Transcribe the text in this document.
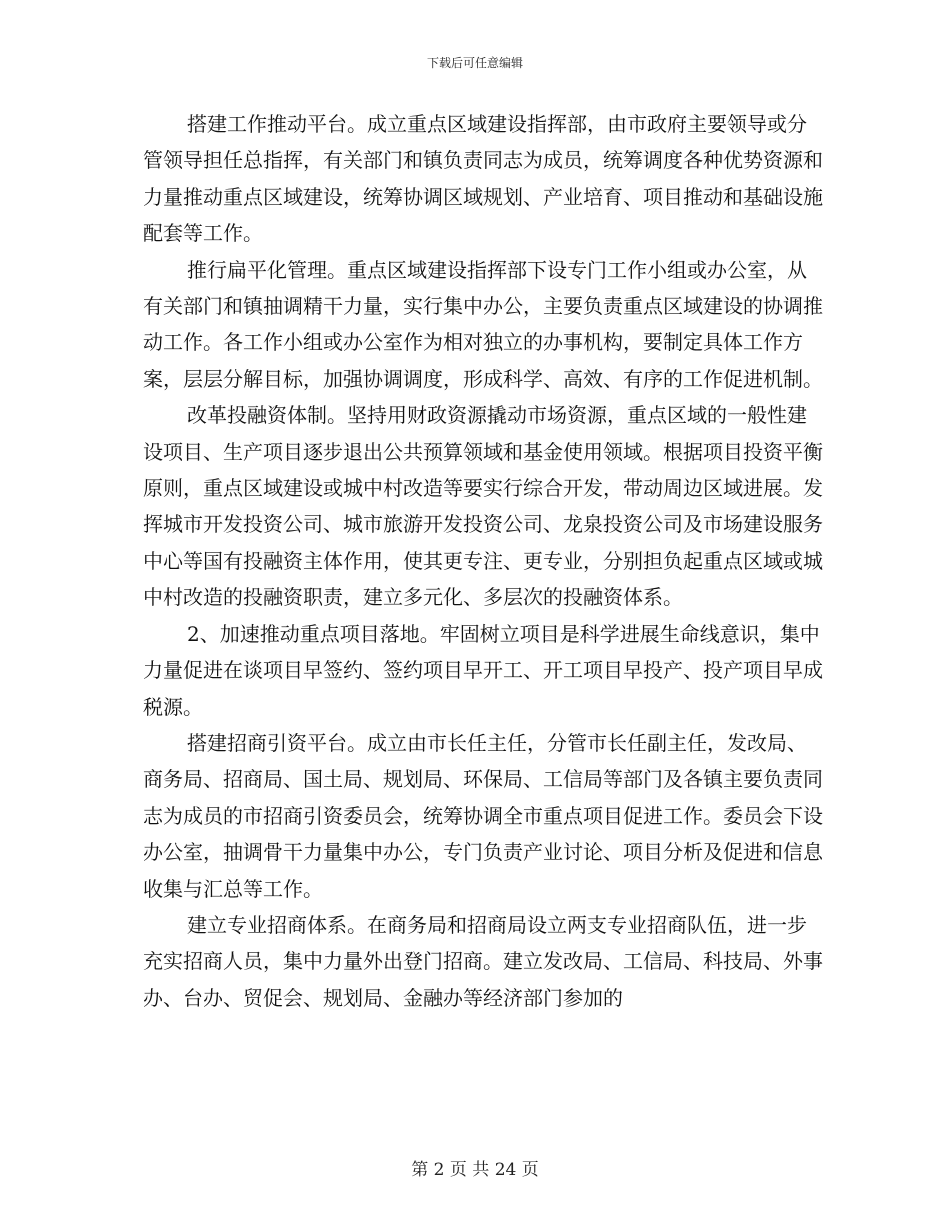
下载后可任意编辑

搭建工作推动平台。成立重点区域建设指挥部，由市政府主要领导或分管领导担任总指挥，有关部门和镇负责同志为成员，统筹调度各种优势资源和力量推动重点区域建设，统筹协调区域规划、产业培育、项目推动和基础设施配套等工作。

推行扁平化管理。重点区域建设指挥部下设专门工作小组或办公室，从有关部门和镇抽调精干力量，实行集中办公，主要负责重点区域建设的协调推动工作。各工作小组或办公室作为相对独立的办事机构，要制定具体工作方案，层层分解目标，加强协调调度，形成科学、高效、有序的工作促进机制。

改革投融资体制。坚持用财政资源撬动市场资源，重点区域的一般性建设项目、生产项目逐步退出公共预算领域和基金使用领域。根据项目投资平衡原则，重点区域建设或城中村改造等要实行综合开发，带动周边区域进展。发挥城市开发投资公司、城市旅游开发投资公司、龙泉投资公司及市场建设服务中心等国有投融资主体作用，使其更专注、更专业，分别担负起重点区域或城中村改造的投融资职责，建立多元化、多层次的投融资体系。

2、加速推动重点项目落地。牢固树立项目是科学进展生命线意识，集中力量促进在谈项目早签约、签约项目早开工、开工项目早投产、投产项目早成税源。

搭建招商引资平台。成立由市长任主任，分管市长任副主任，发改局、商务局、招商局、国土局、规划局、环保局、工信局等部门及各镇主要负责同志为成员的市招商引资委员会，统筹协调全市重点项目促进工作。委员会下设办公室，抽调骨干力量集中办公，专门负责产业讨论、项目分析及促进和信息收集与汇总等工作。

建立专业招商体系。在商务局和招商局设立两支专业招商队伍，进一步充实招商人员，集中力量外出登门招商。建立发改局、工信局、科技局、外事办、台办、贸促会、规划局、金融办等经济部门参加的

第 2 页 共 24 页
